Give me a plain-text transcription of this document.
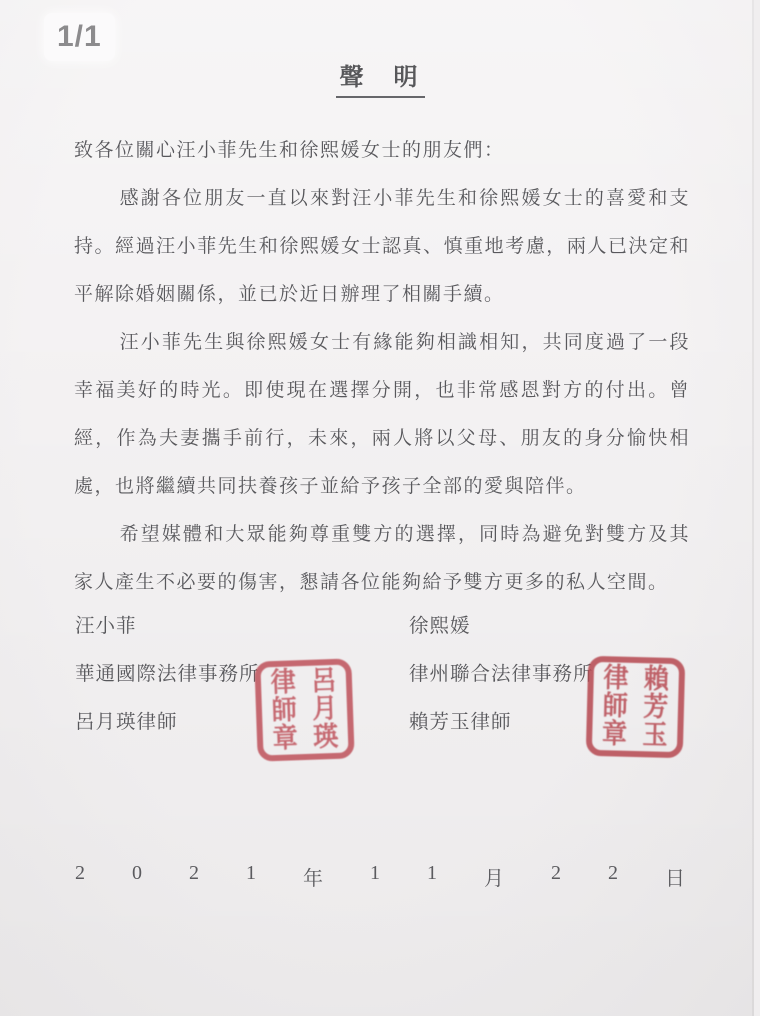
1/1
聲　明

致各位關心汪小菲先生和徐熙媛女士的朋友們：

感謝各位朋友一直以來對汪小菲先生和徐熙媛女士的喜愛和支持。經過汪小菲先生和徐熙媛女士認真、慎重地考慮，兩人已決定和平解除婚姻關係，並已於近日辦理了相關手續。

汪小菲先生與徐熙媛女士有緣能夠相識相知，共同度過了一段幸福美好的時光。即使現在選擇分開，也非常感恩對方的付出。曾經，作為夫妻攜手前行，未來，兩人將以父母、朋友的身分愉快相處，也將繼續共同扶養孩子並給予孩子全部的愛與陪伴。

希望媒體和大眾能夠尊重雙方的選擇，同時為避免對雙方及其家人產生不必要的傷害，懇請各位能夠給予雙方更多的私人空間。

汪小菲
華通國際法律事務所
呂月瑛律師
徐熙媛
律州聯合法律事務所
賴芳玉律師
律 呂
師 月
章 瑛
律 賴
師 芳
章 玉
2 0 2 1 年 1 1 月 2 2 日
